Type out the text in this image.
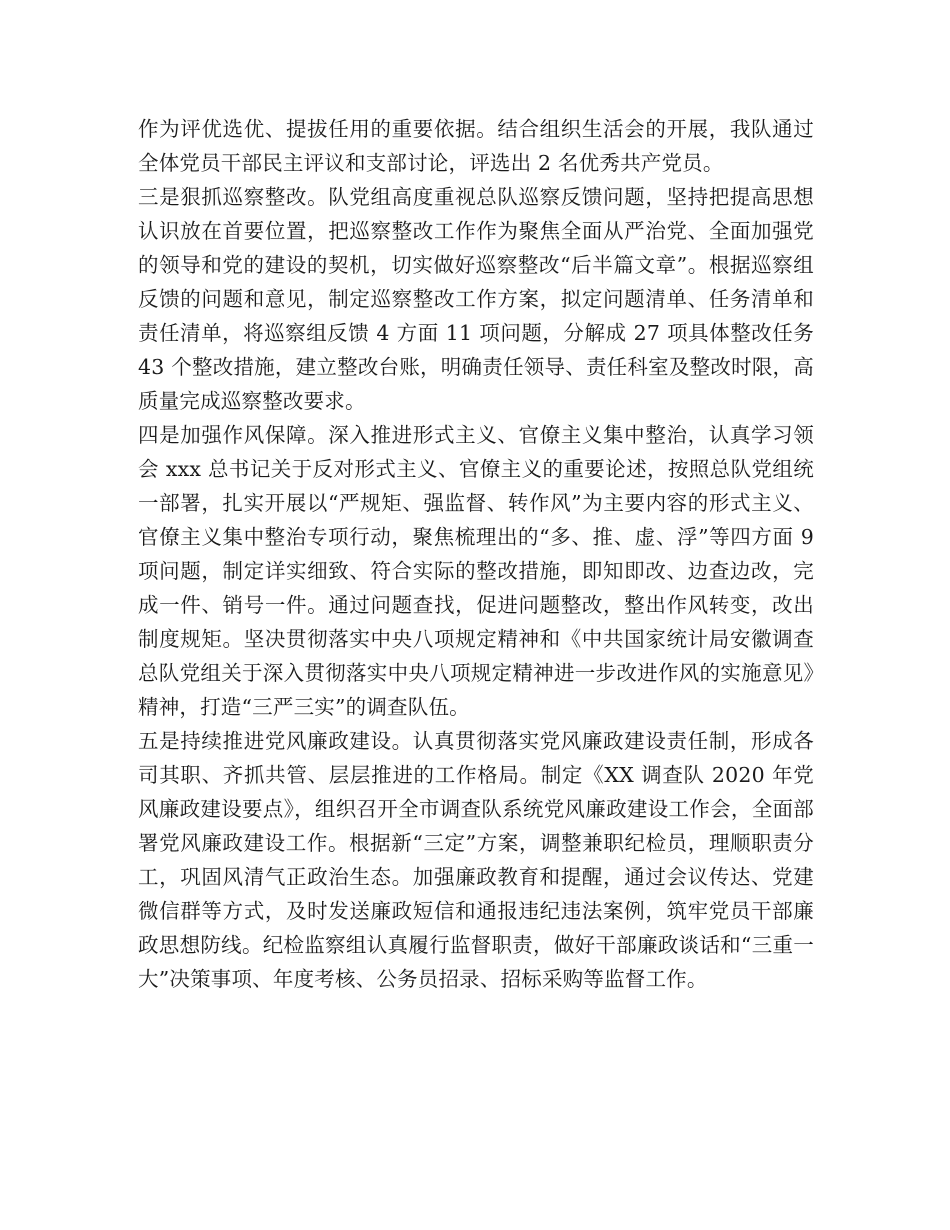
作为评优选优、提拔任用的重要依据。结合组织生活会的开展，我队通过全体党员干部民主评议和支部讨论，评选出 2 名优秀共产党员。

三是狠抓巡察整改。队党组高度重视总队巡察反馈问题，坚持把提高思想认识放在首要位置，把巡察整改工作作为聚焦全面从严治党、全面加强党的领导和党的建设的契机，切实做好巡察整改“后半篇文章”。根据巡察组反馈的问题和意见，制定巡察整改工作方案，拟定问题清单、任务清单和责任清单，将巡察组反馈 4 方面 11 项问题，分解成 27 项具体整改任务 43 个整改措施，建立整改台账，明确责任领导、责任科室及整改时限，高质量完成巡察整改要求。

四是加强作风保障。深入推进形式主义、官僚主义集中整治，认真学习领会 xxx 总书记关于反对形式主义、官僚主义的重要论述，按照总队党组统一部署，扎实开展以“严规矩、强监督、转作风”为主要内容的形式主义、官僚主义集中整治专项行动，聚焦梳理出的“多、推、虚、浮”等四方面 9 项问题，制定详实细致、符合实际的整改措施，即知即改、边查边改，完成一件、销号一件。通过问题查找，促进问题整改，整出作风转变，改出制度规矩。坚决贯彻落实中央八项规定精神和《中共国家统计局安徽调查总队党组关于深入贯彻落实中央八项规定精神进一步改进作风的实施意见》精神，打造“三严三实”的调查队伍。

五是持续推进党风廉政建设。认真贯彻落实党风廉政建设责任制，形成各司其职、齐抓共管、层层推进的工作格局。制定《XX 调查队 2020 年党风廉政建设要点》，组织召开全市调查队系统党风廉政建设工作会，全面部署党风廉政建设工作。根据新“三定”方案，调整兼职纪检员，理顺职责分工，巩固风清气正政治生态。加强廉政教育和提醒，通过会议传达、党建微信群等方式，及时发送廉政短信和通报违纪违法案例，筑牢党员干部廉政思想防线。纪检监察组认真履行监督职责，做好干部廉政谈话和“三重一大”决策事项、年度考核、公务员招录、招标采购等监督工作。
